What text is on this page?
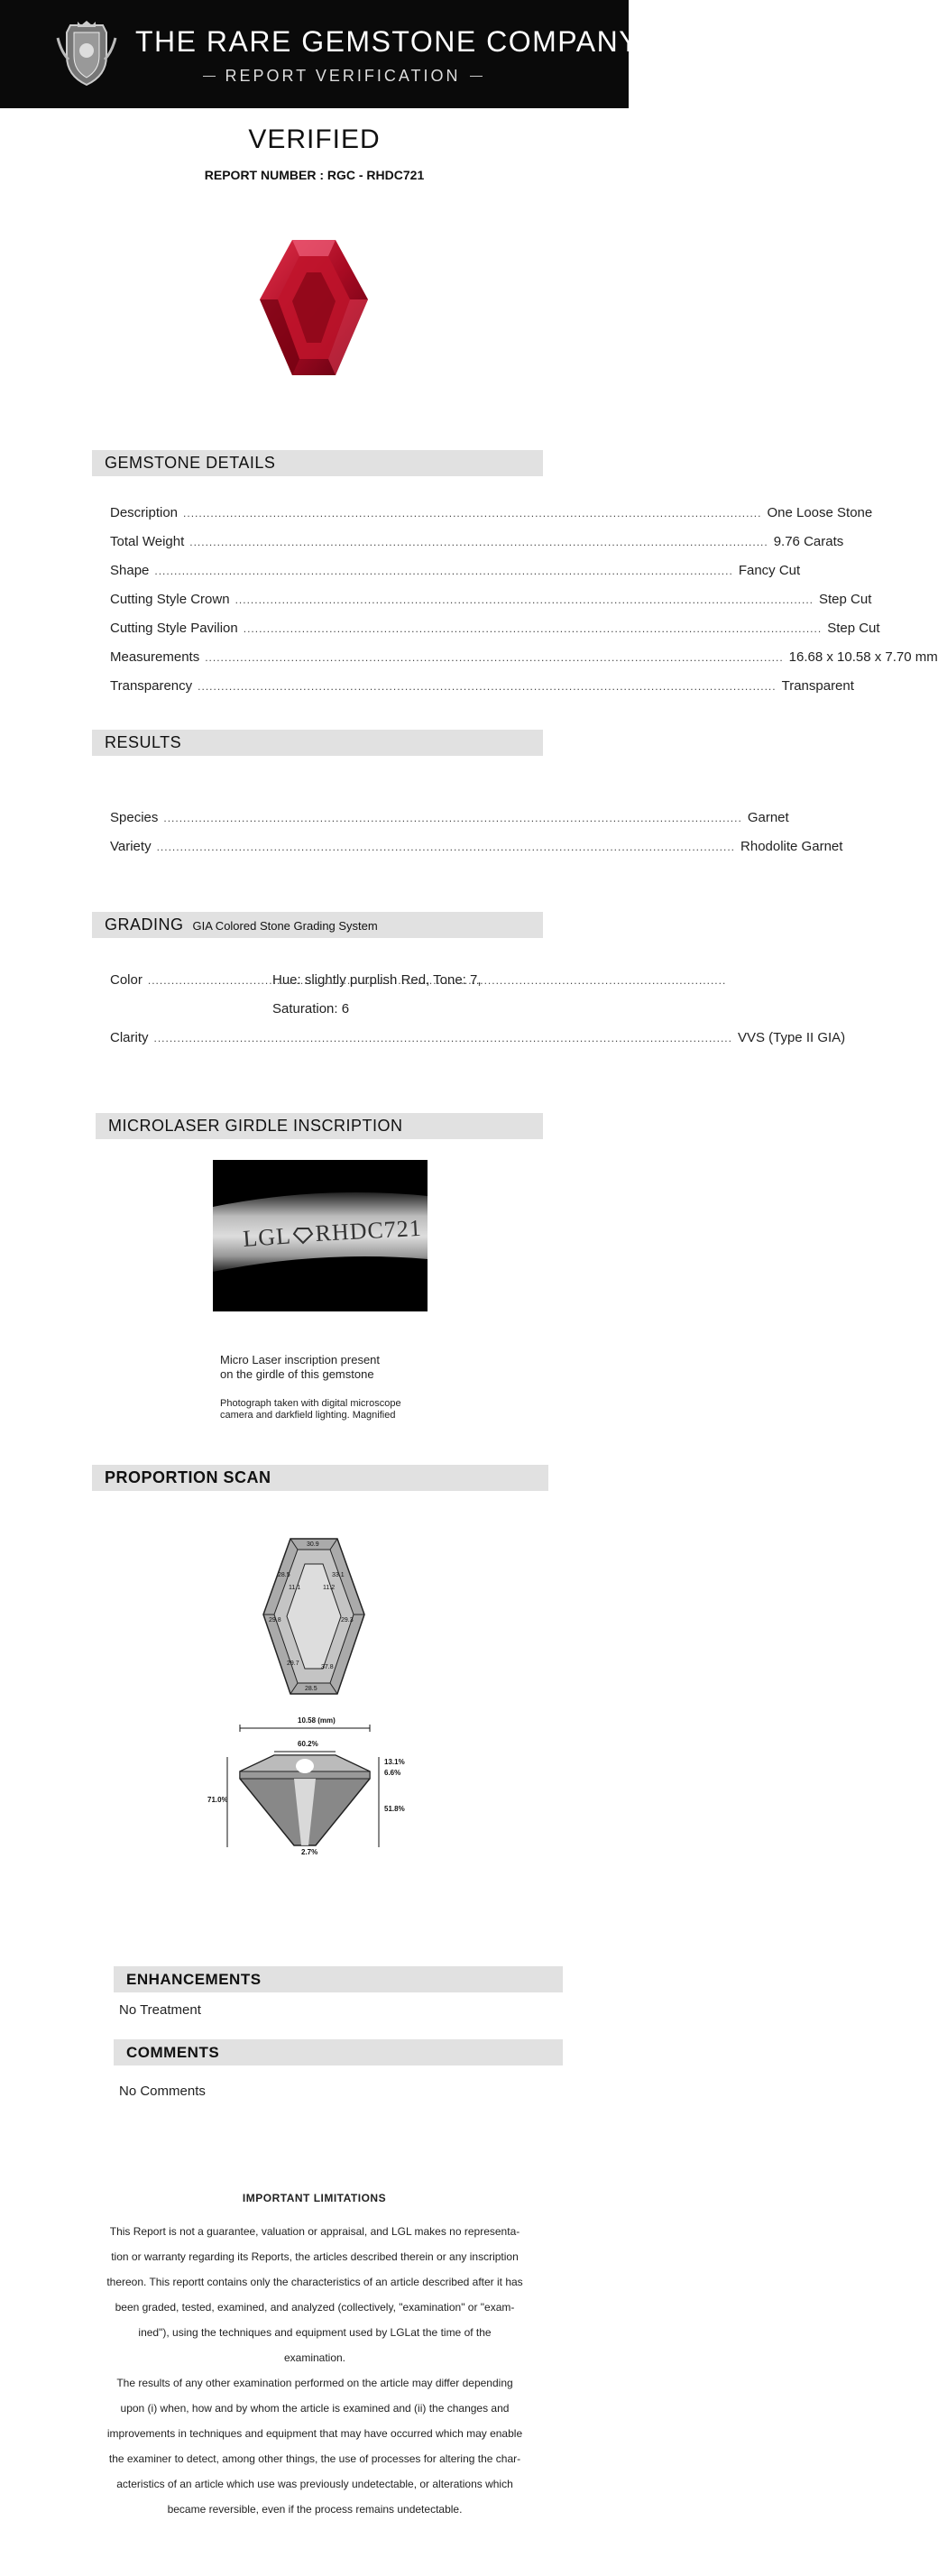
THE RARE GEMSTONE COMPANY ™
REPORT VERIFICATION
VERIFIED
REPORT NUMBER : RGC - RHDC721
GEMSTONE DETAILS
Description .....	One Loose Stone
Total Weight .....	9.76 Carats
Shape .....	Fancy Cut
Cutting Style Crown .....	Step Cut
Cutting Style Pavilion .....	Step Cut
Measurements .....	16.68 x 10.58 x 7.70 mm
Transparency .....	Transparent
RESULTS
Species .....	Garnet
Variety .....	Rhodolite Garnet
GRADING GIA Colored Stone Grading System
Color .....	Hue: slightly purplish Red, Tone: 7,
Saturation: 6
Clarity .....	VVS (Type II GIA)
MICROLASER GIRDLE INSCRIPTION
LGL RHDC721
Micro Laser inscription present
on the girdle of this gemstone
Photograph taken with digital microscope
camera and darkfield lighting. Magnified
PROPORTION SCAN
30.9
28.5	33.1
11.1	11.2
29.8	29.3
29.7
37.8
28.5
10.58 (mm)
60.2%
13.1%
6.6%
71.0%
51.8%
2.7%
ENHANCEMENTS
No Treatment
COMMENTS
No Comments
IMPORTANT LIMITATIONS
This Report is not a guarantee, valuation or appraisal, and LGL makes no representa-
tion or warranty regarding its Reports, the articles described therein or any inscription
thereon. This reportt contains only the characteristics of an article described after it has
been graded, tested, examined, and analyzed (collectively, "examination" or "exam-
ined"), using the techniques and equipment used by LGLat the time of the examination.
The results of any other examination performed on the article may differ depending
upon (i) when, how and by whom the article is examined and (ii) the changes and
improvements in techniques and equipment that may have occurred which may enable
the examiner to detect, among other things, the use of processes for altering the char-
acteristics of an article which use was previously undetectable, or alterations which
became reversible, even if the process remains undetectable.
